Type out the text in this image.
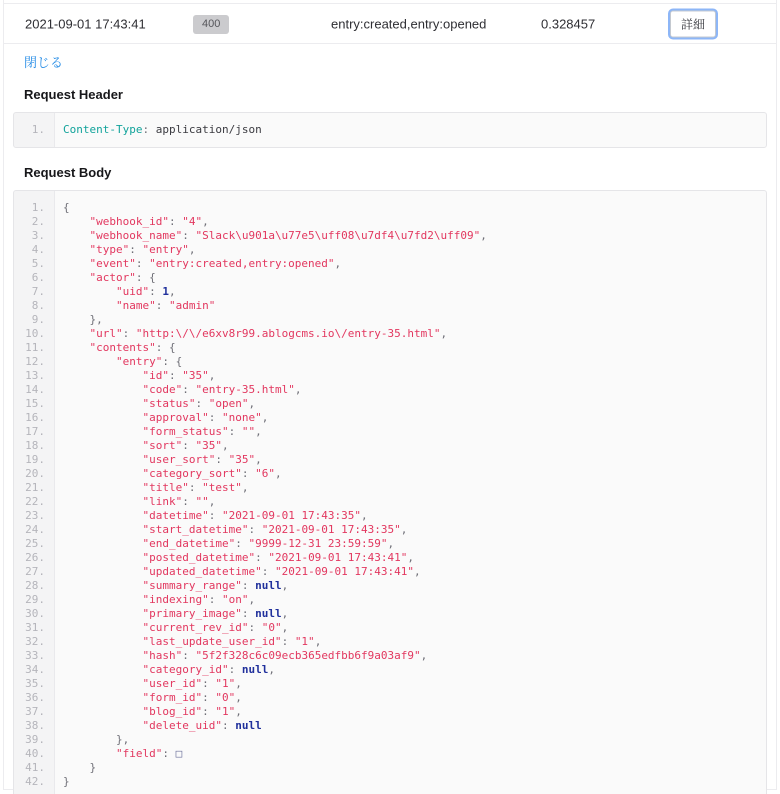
2021-09-01 17:43:41	400	entry:created,entry:opened	0.328457	詳細
閉じる
Request Header
1.	Content-Type: application/json
Request Body
1.	{
2.	"webhook_id": "4",
3.	"webhook_name": "Slack\u901a\u77e5\uff08\u7df4\u7fd2\uff09",
4.	"type": "entry",
5.	"event": "entry:created,entry:opened",
6.	"actor": {
7.	"uid": 1,
8.	"name": "admin"
9.	},
10.	"url": "http:\/\/e6xv8r99.ablogcms.io\/entry-35.html",
11.	"contents": {
12.	"entry": {
13.	"id": "35",
14.	"code": "entry-35.html",
15.	"status": "open",
16.	"approval": "none",
17.	"form_status": "",
18.	"sort": "35",
19.	"user_sort": "35",
20.	"category_sort": "6",
21.	"title": "test",
22.	"link": "",
23.	"datetime": "2021-09-01 17:43:35",
24.	"start_datetime": "2021-09-01 17:43:35",
25.	"end_datetime": "9999-12-31 23:59:59",
26.	"posted_datetime": "2021-09-01 17:43:41",
27.	"updated_datetime": "2021-09-01 17:43:41",
28.	"summary_range": null,
29.	"indexing": "on",
30.	"primary_image": null,
31.	"current_rev_id": "0",
32.	"last_update_user_id": "1",
33.	"hash": "5f2f328c6c09ecb365edfbb6f9a03af9",
34.	"category_id": null,
35.	"user_id": "1",
36.	"form_id": "0",
37.	"blog_id": "1",
38.	"delete_uid": null
39.	},
40.	"field": □
41.	}
42.	}
